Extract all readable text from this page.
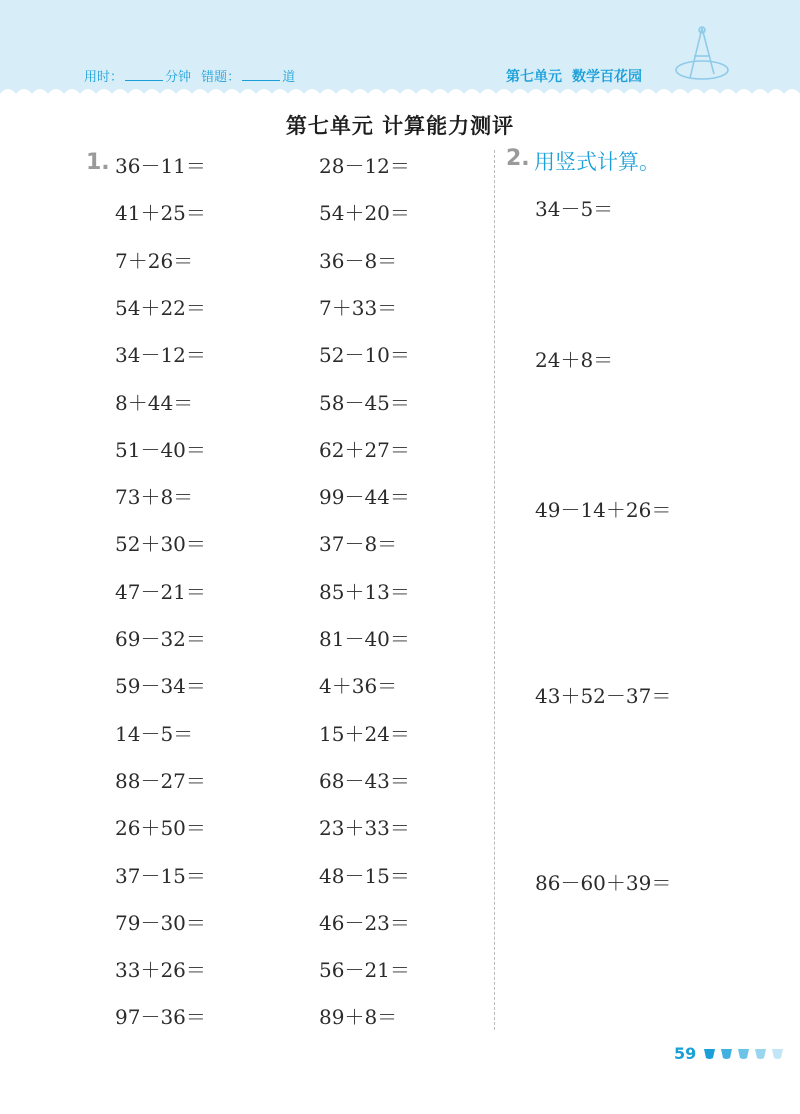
用时：	分钟 错题：	道	第七单元 数学百花园
第七单元 计算能力测评
1. 36－11＝
41＋25＝
7＋26＝
54＋22＝
34－12＝
8＋44＝
51－40＝
73＋8＝
52＋30＝
47－21＝
69－32＝
59－34＝
14－5＝
88－27＝
26＋50＝
37－15＝
79－30＝
33＋26＝
97－36＝
28－12＝
54＋20＝
36－8＝
7＋33＝
52－10＝
58－45＝
62＋27＝
99－44＝
37－8＝
85＋13＝
81－40＝
4＋36＝
15＋24＝
68－43＝
23＋33＝
48－15＝
46－23＝
56－21＝
89＋8＝
2. 用竖式计算。
34－5＝
24＋8＝
49－14＋26＝
43＋52－37＝
86－60＋39＝
59
